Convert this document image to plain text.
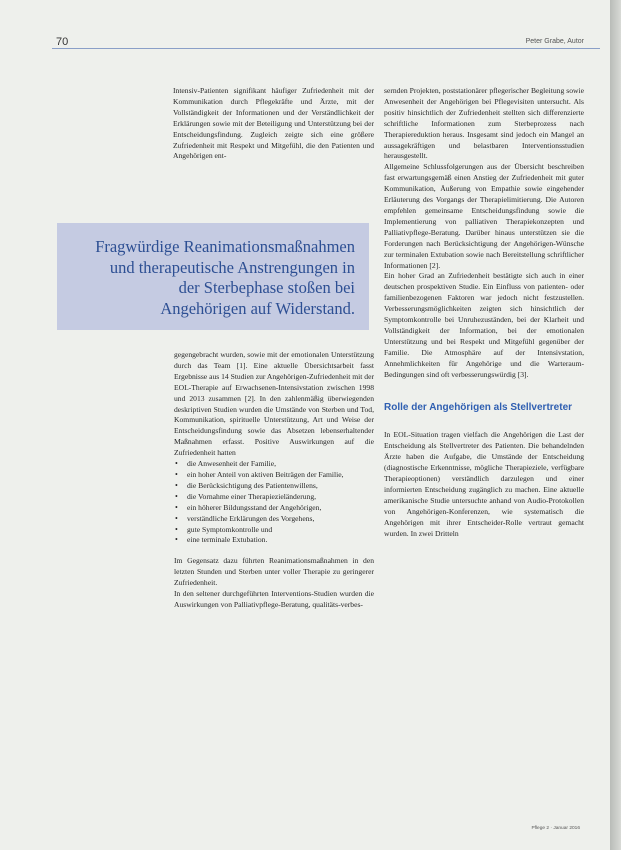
70	Peter Grabe, Autor

Intensiv-Patienten signifikant häufiger Zufriedenheit mit der Kommunikation durch Pflegekräfte und Ärzte, mit der Vollständigkeit der Informationen und der Verständlichkeit der Erklärungen sowie mit der Beteiligung und Unterstützung bei der Entscheidungsfindung. Zugleich zeigte sich eine größere Zufriedenheit mit Respekt und Mitgefühl, die den Patienten und Angehörigen ent-

Fragwürdige Reanimationsmaßnahmen
und therapeutische Anstrengungen in
der Sterbephase stoßen bei
Angehörigen auf Widerstand.

gegengebracht wurden, sowie mit der emotionalen Unterstützung durch das Team [1]. Eine aktuelle Übersichtsarbeit fasst Ergebnisse aus 14 Studien zur Angehörigen-Zufriedenheit mit der EOL-Therapie auf Erwachsenen-Intensivstation zwischen 1998 und 2013 zusammen [2]. In den zahlenmäßig überwiegenden deskriptiven Studien wurden die Umstände von Sterben und Tod, Kommunikation, spirituelle Unterstützung, Art und Weise der Entscheidungsfindung sowie das Absetzen lebenserhaltender Maßnahmen erfasst. Positive Auswirkungen auf die Zufriedenheit hatten

• die Anwesenheit der Familie,
• ein hoher Anteil von aktiven Beiträgen der Familie,
• die Berücksichtigung des Patientenwillens,
• die Vornahme einer Therapiezieländerung,
• ein höherer Bildungsstand der Angehörigen,
• verständliche Erklärungen des Vorgehens,
• gute Symptomkontrolle und
• eine terminale Extubation.

Im Gegensatz dazu führten Reanimationsmaßnahmen in den letzten Stunden und Sterben unter voller Therapie zu geringerer Zufriedenheit.

In den seltener durchgeführten Interventions-Studien wurden die Auswirkungen von Palliativpflege-Beratung, qualitäts-verbes-

sernden Projekten, poststationärer pflegerischer Begleitung sowie Anwesenheit der Angehörigen bei Pflegevisiten untersucht. Als positiv hinsichtlich der Zufriedenheit stellten sich differenzierte schriftliche Informationen zum Sterbeprozess nach Therapiereduktion heraus. Insgesamt sind jedoch ein Mangel an aussagekräftigen und belastbaren Interventionsstudien herausgestellt.

Allgemeine Schlussfolgerungen aus der Übersicht beschreiben fast erwartungsgemäß einen Anstieg der Zufriedenheit mit guter Kommunikation, Äußerung von Empathie sowie eingehender Erläuterung des Vorgangs der Therapielimitierung. Die Autoren empfehlen gemeinsame Entscheidungsfindung sowie die Implementierung von palliativen Therapiekonzepten und Palliativpflege-Beratung. Darüber hinaus unterstützen sie die Forderungen nach Berücksichtigung der Angehörigen-Wünsche zur terminalen Extubation sowie nach Bereitstellung schriftlicher Informationen [2].

Ein hoher Grad an Zufriedenheit bestätigte sich auch in einer deutschen prospektiven Studie. Ein Einfluss von patienten- oder familienbezogenen Faktoren war jedoch nicht festzustellen. Verbesserungsmöglichkeiten zeigten sich hinsichtlich der Symptomkontrolle bei Unruhezuständen, bei der Klarheit und Vollständigkeit der Information, bei der emotionalen Unterstützung und bei Respekt und Mitgefühl gegenüber der Familie. Die Atmosphäre auf der Intensivstation, Annehmlichkeiten für Angehörige und die Warteraum-Bedingungen sind oft verbesserungswürdig [3].

Rolle der Angehörigen als Stellvertreter

In EOL-Situation tragen vielfach die Angehörigen die Last der Entscheidung als Stellvertreter des Patienten. Die behandelnden Ärzte haben die Aufgabe, die Umstände der Entscheidung (diagnostische Erkenntnisse, mögliche Therapieziele, verfügbare Therapieoptionen) verständlich darzulegen und einer informierten Entscheidung zugänglich zu machen. Eine aktuelle amerikanische Studie untersuchte anhand von Audio-Protokollen von Angehörigen-Konferenzen, wie systematisch die Angehörigen mit ihrer Entscheider-Rolle vertraut gemacht wurden. In zwei Dritteln

Pflege 2 · Januar 2016
